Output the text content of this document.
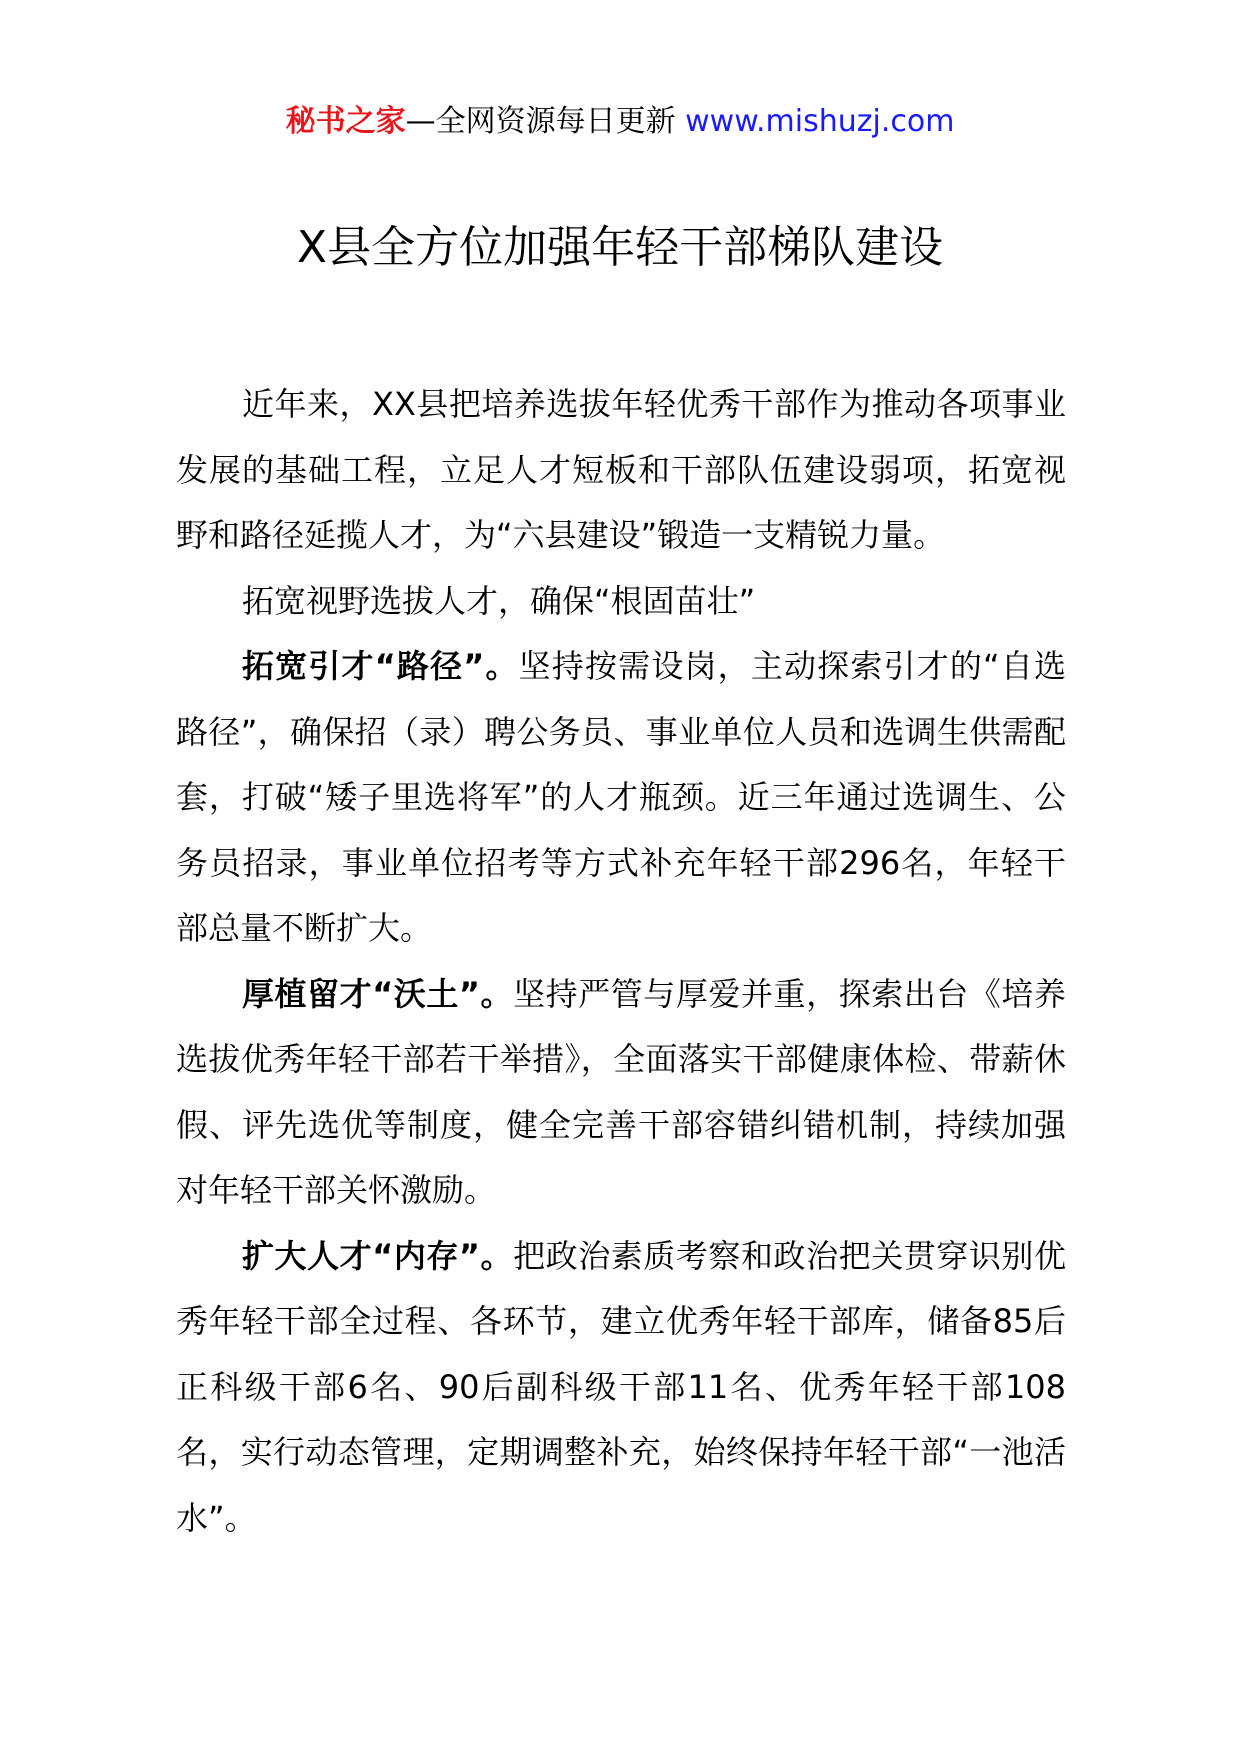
秘书之家—全网资源每日更新 www.mishuzj.com
X县全方位加强年轻干部梯队建设

近年来，XX县把培养选拔年轻优秀干部作为推动各项事业发展的基础工程，立足人才短板和干部队伍建设弱项，拓宽视野和路径延揽人才，为“六县建设”锻造一支精锐力量。

拓宽视野选拔人才，确保“根固苗壮”

拓宽引才“路径”。坚持按需设岗，主动探索引才的“自选路径”，确保招（录）聘公务员、事业单位人员和选调生供需配套，打破“矮子里选将军”的人才瓶颈。近三年通过选调生、公务员招录，事业单位招考等方式补充年轻干部296名，年轻干部总量不断扩大。

厚植留才“沃土”。坚持严管与厚爱并重，探索出台《培养选拔优秀年轻干部若干举措》，全面落实干部健康体检、带薪休假、评先选优等制度，健全完善干部容错纠错机制，持续加强对年轻干部关怀激励。

扩大人才“内存”。把政治素质考察和政治把关贯穿识别优秀年轻干部全过程、各环节，建立优秀年轻干部库，储备85后正科级干部6名、90后副科级干部11名、优秀年轻干部108名，实行动态管理，定期调整补充，始终保持年轻干部“一池活水”。
